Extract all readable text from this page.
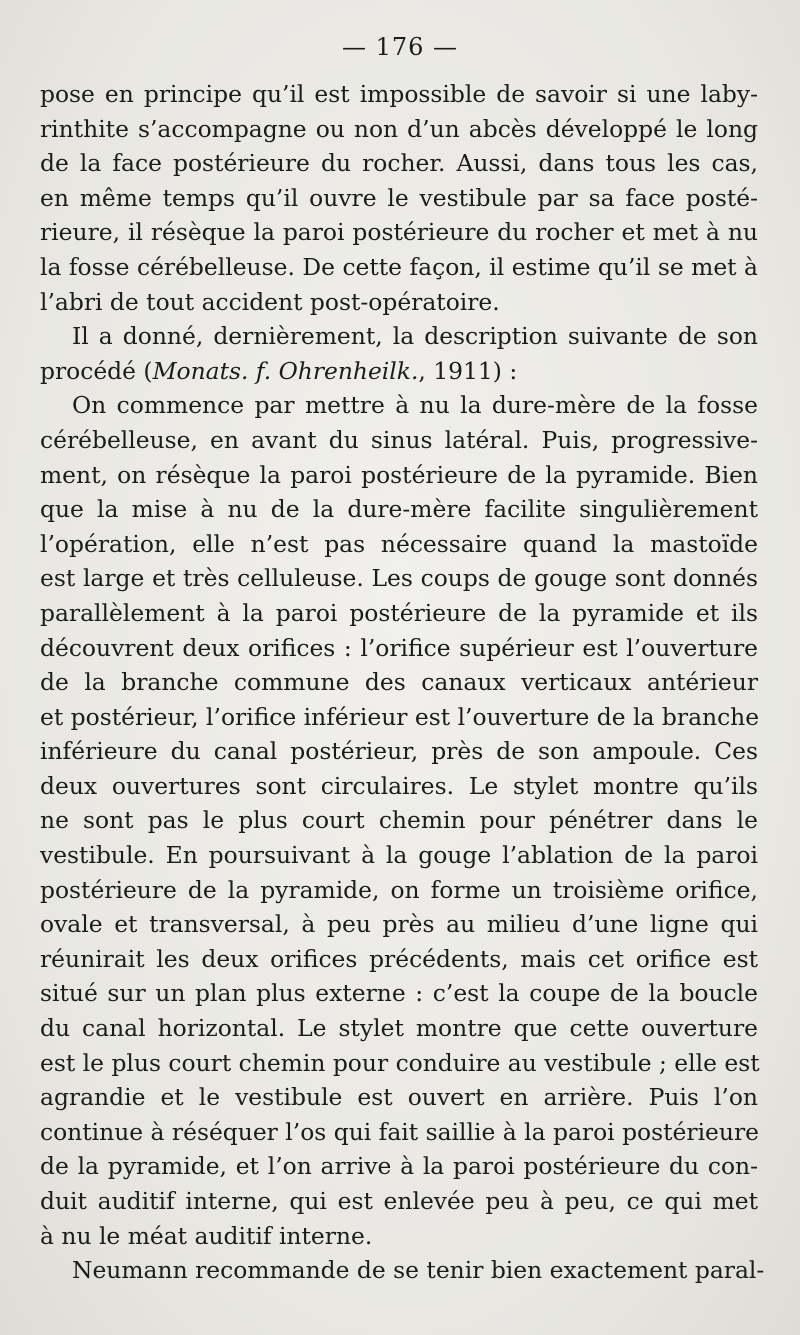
— 176 —
pose en principe qu’il est impossible de savoir si une laby-
rinthite s’accompagne ou non d’un abcès développé le long
de la face postérieure du rocher. Aussi, dans tous les cas,
en même temps qu’il ouvre le vestibule par sa face posté-
rieure, il résèque la paroi postérieure du rocher et met à nu
la fosse cérébelleuse. De cette façon, il estime qu’il se met à
l’abri de tout accident post-opératoire.
Il a donné, dernièrement, la description suivante de son
procédé (Monats. f. Ohrenheilk., 1911) :
On commence par mettre à nu la dure-mère de la fosse
cérébelleuse, en avant du sinus latéral. Puis, progressive-
ment, on résèque la paroi postérieure de la pyramide. Bien
que la mise à nu de la dure-mère facilite singulièrement
l’opération, elle n’est pas nécessaire quand la mastoïde
est large et très celluleuse. Les coups de gouge sont donnés
parallèlement à la paroi postérieure de la pyramide et ils
découvrent deux orifices : l’orifice supérieur est l’ouverture
de la branche commune des canaux verticaux antérieur
et postérieur, l’orifice inférieur est l’ouverture de la branche
inférieure du canal postérieur, près de son ampoule. Ces
deux ouvertures sont circulaires. Le stylet montre qu’ils
ne sont pas le plus court chemin pour pénétrer dans le
vestibule. En poursuivant à la gouge l’ablation de la paroi
postérieure de la pyramide, on forme un troisième orifice,
ovale et transversal, à peu près au milieu d’une ligne qui
réunirait les deux orifices précédents, mais cet orifice est
situé sur un plan plus externe : c’est la coupe de la boucle
du canal horizontal. Le stylet montre que cette ouverture
est le plus court chemin pour conduire au vestibule ; elle est
agrandie et le vestibule est ouvert en arrière. Puis l’on
continue à réséquer l’os qui fait saillie à la paroi postérieure
de la pyramide, et l’on arrive à la paroi postérieure du con-
duit auditif interne, qui est enlevée peu à peu, ce qui met
à nu le méat auditif interne.
Neumann recommande de se tenir bien exactement paral-
